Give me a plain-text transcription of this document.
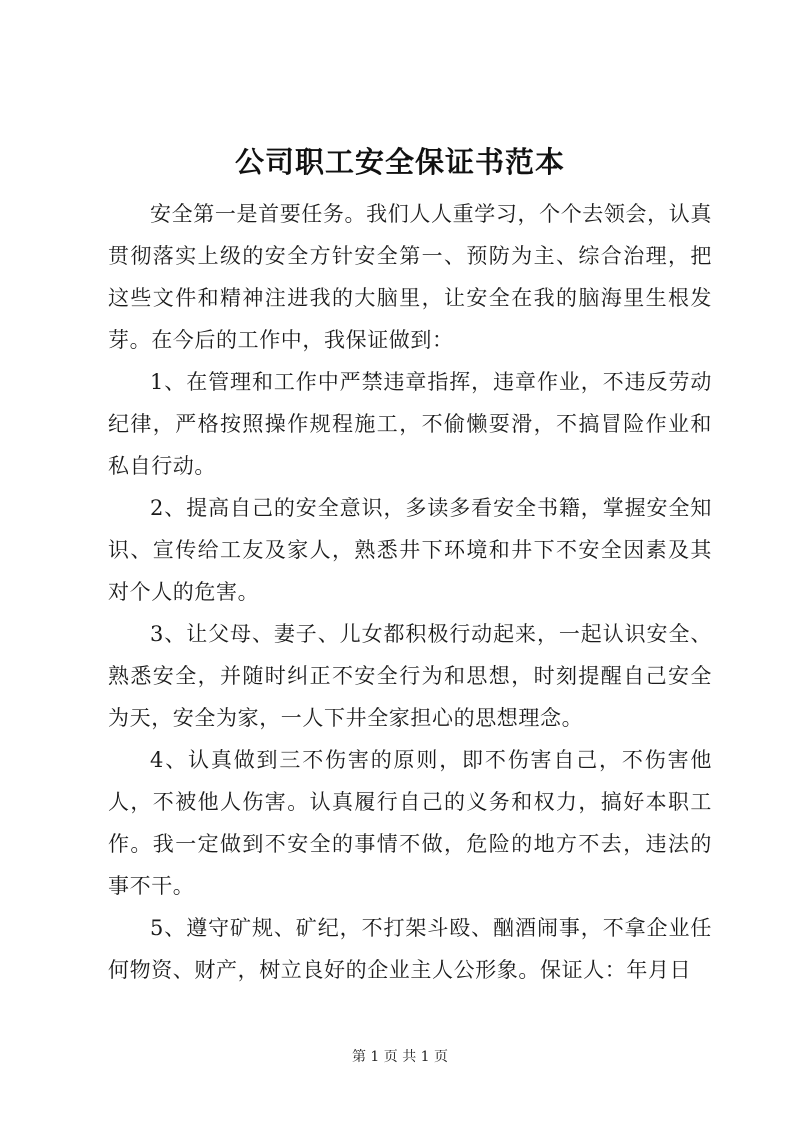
公司职工安全保证书范本

安全第一是首要任务。我们人人重学习，个个去领会，认真贯彻落实上级的安全方针安全第一、预防为主、综合治理，把这些文件和精神注进我的大脑里，让安全在我的脑海里生根发芽。在今后的工作中，我保证做到：

1、在管理和工作中严禁违章指挥，违章作业，不违反劳动纪律，严格按照操作规程施工，不偷懒耍滑，不搞冒险作业和私自行动。

2、提高自己的安全意识，多读多看安全书籍，掌握安全知识、宣传给工友及家人，熟悉井下环境和井下不安全因素及其对个人的危害。

3、让父母、妻子、儿女都积极行动起来，一起认识安全、熟悉安全，并随时纠正不安全行为和思想，时刻提醒自己安全为天，安全为家，一人下井全家担心的思想理念。

4、认真做到三不伤害的原则，即不伤害自己，不伤害他人，不被他人伤害。认真履行自己的义务和权力，搞好本职工作。我一定做到不安全的事情不做，危险的地方不去，违法的事不干。

5、遵守矿规、矿纪，不打架斗殴、酗酒闹事，不拿企业任何物资、财产，树立良好的企业主人公形象。保证人：年月日

第 1 页 共 1 页
